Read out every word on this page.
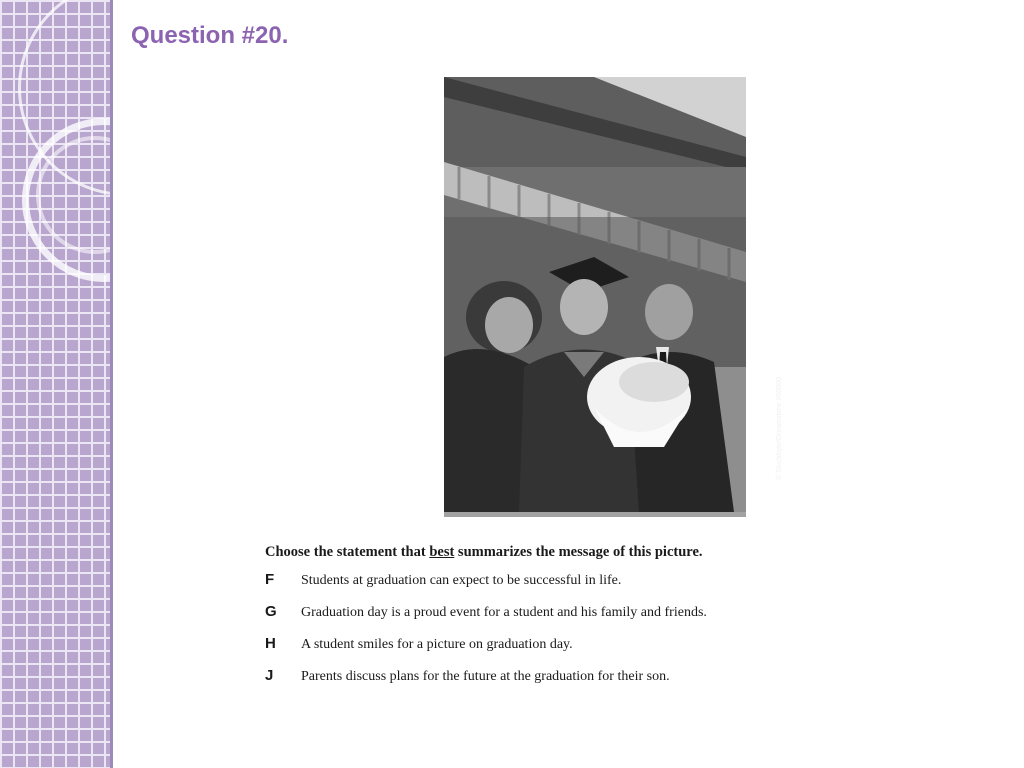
Question #20.
© Stockbyte/Dreamstime #00000

Choose the statement that best summarizes the message of this picture.

F	Students at graduation can expect to be successful in life.
G	Graduation day is a proud event for a student and his family and friends.
H	A student smiles for a picture on graduation day.
J	Parents discuss plans for the future at the graduation for their son.
